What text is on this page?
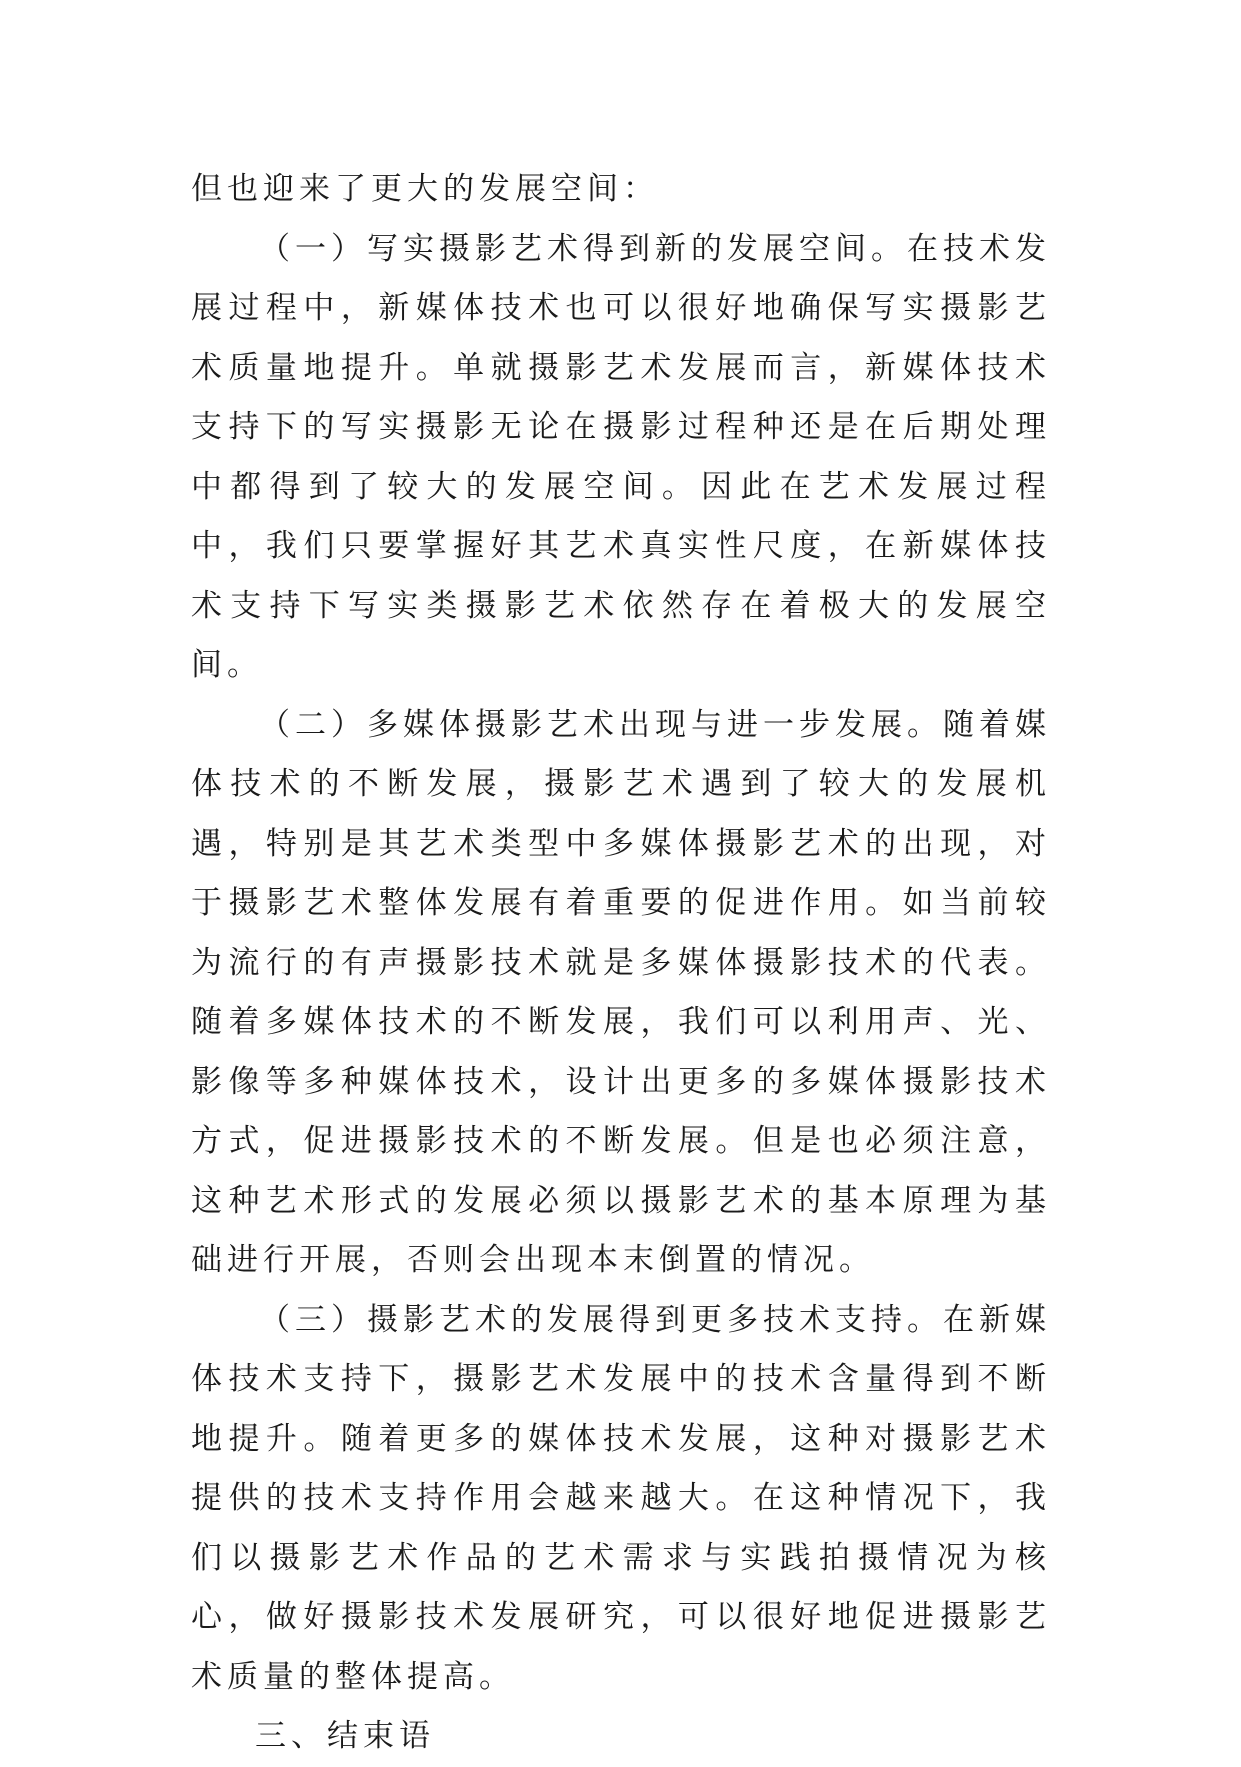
但也迎来了更大的发展空间：

（一）写实摄影艺术得到新的发展空间。在技术发展过程中，新媒体技术也可以很好地确保写实摄影艺术质量地提升。单就摄影艺术发展而言，新媒体技术支持下的写实摄影无论在摄影过程种还是在后期处理中都得到了较大的发展空间。因此在艺术发展过程中，我们只要掌握好其艺术真实性尺度，在新媒体技术支持下写实类摄影艺术依然存在着极大的发展空间。

（二）多媒体摄影艺术出现与进一步发展。随着媒体技术的不断发展，摄影艺术遇到了较大的发展机遇，特别是其艺术类型中多媒体摄影艺术的出现，对于摄影艺术整体发展有着重要的促进作用。如当前较为流行的有声摄影技术就是多媒体摄影技术的代表。随着多媒体技术的不断发展，我们可以利用声、光、影像等多种媒体技术，设计出更多的多媒体摄影技术方式，促进摄影技术的不断发展。但是也必须注意，这种艺术形式的发展必须以摄影艺术的基本原理为基础进行开展，否则会出现本末倒置的情况。

（三）摄影艺术的发展得到更多技术支持。在新媒体技术支持下，摄影艺术发展中的技术含量得到不断地提升。随着更多的媒体技术发展，这种对摄影艺术提供的技术支持作用会越来越大。在这种情况下，我们以摄影艺术作品的艺术需求与实践拍摄情况为核心，做好摄影技术发展研究，可以很好地促进摄影艺术质量的整体提高。

三、结束语
